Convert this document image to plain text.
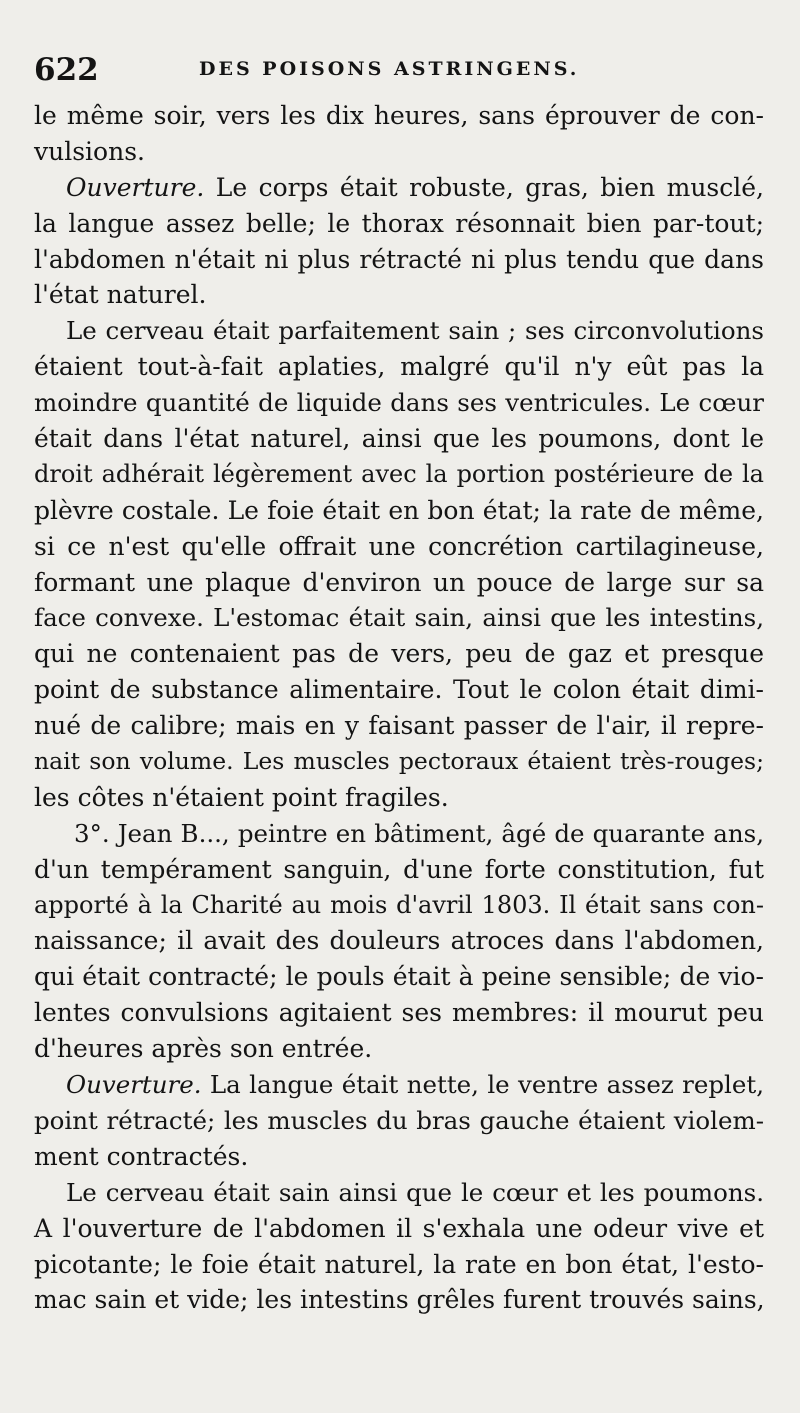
622	DES POISONS ASTRINGENS.
le même soir, vers les dix heures, sans éprouver de con-
vulsions.
Ouverture. Le corps était robuste, gras, bien musclé,
la langue assez belle; le thorax résonnait bien par-tout;
l'abdomen n'était ni plus rétracté ni plus tendu que dans
l'état naturel.
Le cerveau était parfaitement sain ; ses circonvolutions
étaient tout-à-fait aplaties, malgré qu'il n'y eût pas la
moindre quantité de liquide dans ses ventricules. Le cœur
était dans l'état naturel, ainsi que les poumons, dont le
droit adhérait légèrement avec la portion postérieure de la
plèvre costale. Le foie était en bon état; la rate de même,
si ce n'est qu'elle offrait une concrétion cartilagineuse,
formant une plaque d'environ un pouce de large sur sa
face convexe. L'estomac était sain, ainsi que les intestins,
qui ne contenaient pas de vers, peu de gaz et presque
point de substance alimentaire. Tout le colon était dimi-
nué de calibre; mais en y faisant passer de l'air, il repre-
nait son volume. Les muscles pectoraux étaient très-rouges;
les côtes n'étaient point fragiles.
3°. Jean B..., peintre en bâtiment, âgé de quarante ans,
d'un tempérament sanguin, d'une forte constitution, fut
apporté à la Charité au mois d'avril 1803. Il était sans con-
naissance; il avait des douleurs atroces dans l'abdomen,
qui était contracté; le pouls était à peine sensible; de vio-
lentes convulsions agitaient ses membres: il mourut peu
d'heures après son entrée.
Ouverture. La langue était nette, le ventre assez replet,
point rétracté; les muscles du bras gauche étaient violem-
ment contractés.
Le cerveau était sain ainsi que le cœur et les poumons.
A l'ouverture de l'abdomen il s'exhala une odeur vive et
picotante; le foie était naturel, la rate en bon état, l'esto-
mac sain et vide; les intestins grêles furent trouvés sains,
